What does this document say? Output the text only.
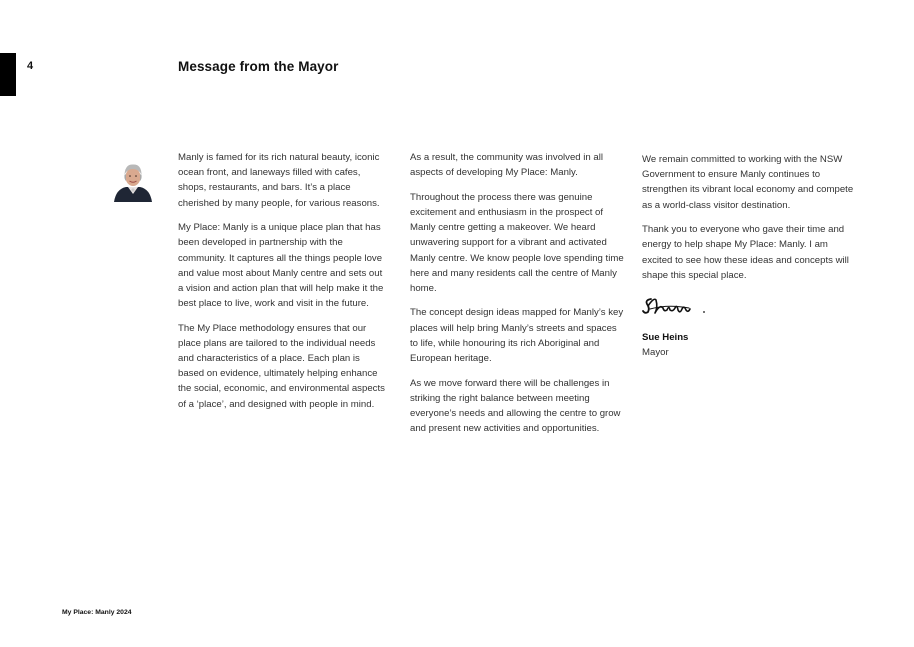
4	Message from the Mayor

Manly is famed for its rich natural beauty, iconic ocean front, and laneways filled with cafes, shops, restaurants, and bars. It’s a place cherished by many people, for various reasons.

My Place: Manly is a unique place plan that has been developed in partnership with the community. It captures all the things people love and value most about Manly centre and sets out a vision and action plan that will help make it the best place to live, work and visit in the future.

The My Place methodology ensures that our place plans are tailored to the individual needs and characteristics of a place. Each plan is based on evidence, ultimately helping enhance the social, economic, and environmental aspects of a ‘place’, and designed with people in mind.

As a result, the community was involved in all aspects of developing My Place: Manly.

Throughout the process there was genuine excitement and enthusiasm in the prospect of Manly centre getting a makeover. We heard unwavering support for a vibrant and activated Manly centre. We know people love spending time here and many residents call the centre of Manly home.

The concept design ideas mapped for Manly’s key places will help bring Manly’s streets and spaces to life, while honouring its rich Aboriginal and European heritage.

As we move forward there will be challenges in striking the right balance between meeting everyone’s needs and allowing the centre to grow and present new activities and opportunities.

We remain committed to working with the NSW Government to ensure Manly continues to strengthen its vibrant local economy and compete as a world-class visitor destination.

Thank you to everyone who gave their time and energy to help shape My Place: Manly. I am excited to see how these ideas and concepts will shape this special place.

Sue Heins

Mayor

My Place: Manly 2024
